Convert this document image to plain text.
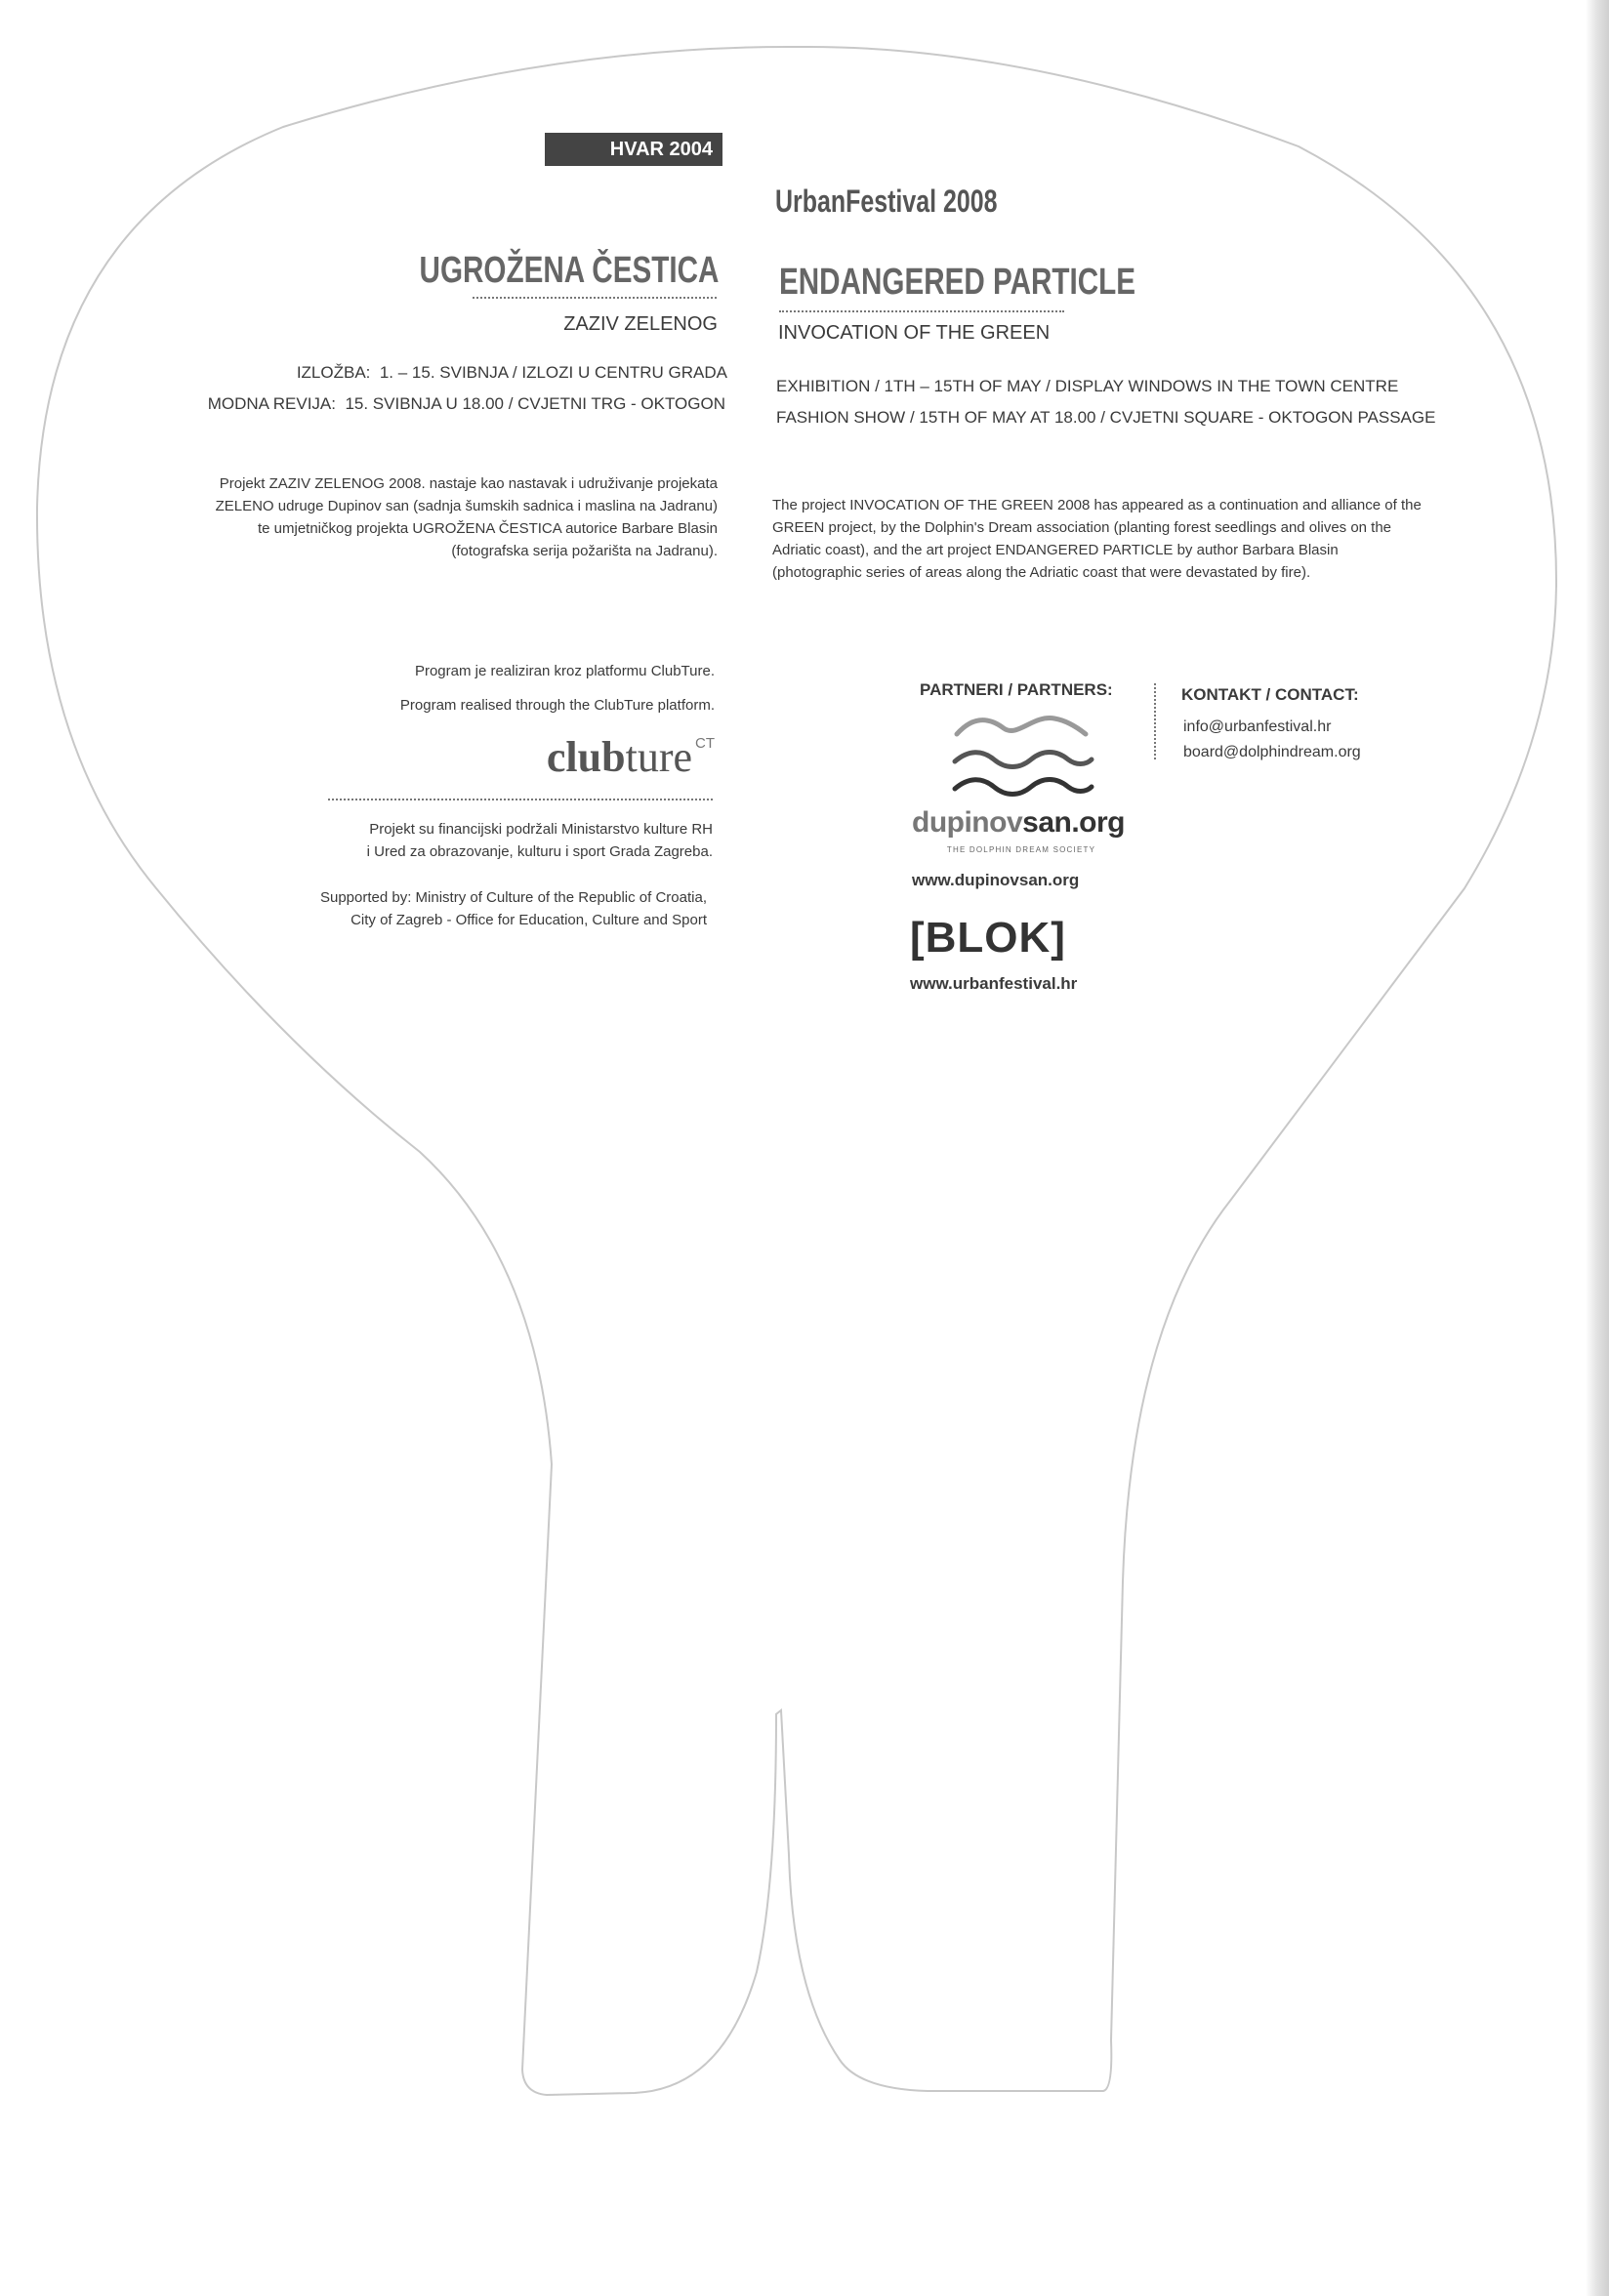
HVAR 2004
UrbanFestival 2008
UGROŽENA ČESTICA ENDANGERED PARTICLE
ZAZIV ZELENOG	INVOCATION OF THE GREEN
IZLOŽBA: 1. – 15. SVIBNJA / IZLOZI U CENTRU GRADA
MODNA REVIJA: 15. SVIBNJA U 18.00 / CVJETNI TRG - OKTOGON
EXHIBITION / 1TH – 15TH OF MAY / DISPLAY WINDOWS IN THE TOWN CENTRE
FASHION SHOW / 15TH OF MAY AT 18.00 / CVJETNI SQUARE - OKTOGON PASSAGE
Projekt ZAZIV ZELENOG 2008. nastaje kao nastavak i udruživanje projekata
ZELENO udruge Dupinov san (sadnja šumskih sadnica i maslina na Jadranu)
te umjetničkog projekta UGROŽENA ČESTICA autorice Barbare Blasin
(fotografska serija požarišta na Jadranu).
The project INVOCATION OF THE GREEN 2008 has appeared as a continuation and alliance of the
GREEN project, by the Dolphin's Dream association (planting forest seedlings and olives on the
Adriatic coast), and the art project ENDANGERED PARTICLE by author Barbara Blasin
(photographic series of areas along the Adriatic coast that were devastated by fire).
Program je realiziran kroz platformu ClubTure.
Program realised through the ClubTure platform.
clubture $^{CT}$
Projekt su financijski podržali Ministarstvo kulture RH
i Ured za obrazovanje, kulturu i sport Grada Zagreba.
Supported by: Ministry of Culture of the Republic of Croatia,
City of Zagreb - Office for Education, Culture and Sport
PARTNERI / PARTNERS:	KONTAKT / CONTACT:
info@urbanfestival.hr
board@dolphindream.org
dupinovsan.org
THE DOLPHIN DREAM SOCIETY
www.dupinovsan.org
[BLOK]
www.urbanfestival.hr
